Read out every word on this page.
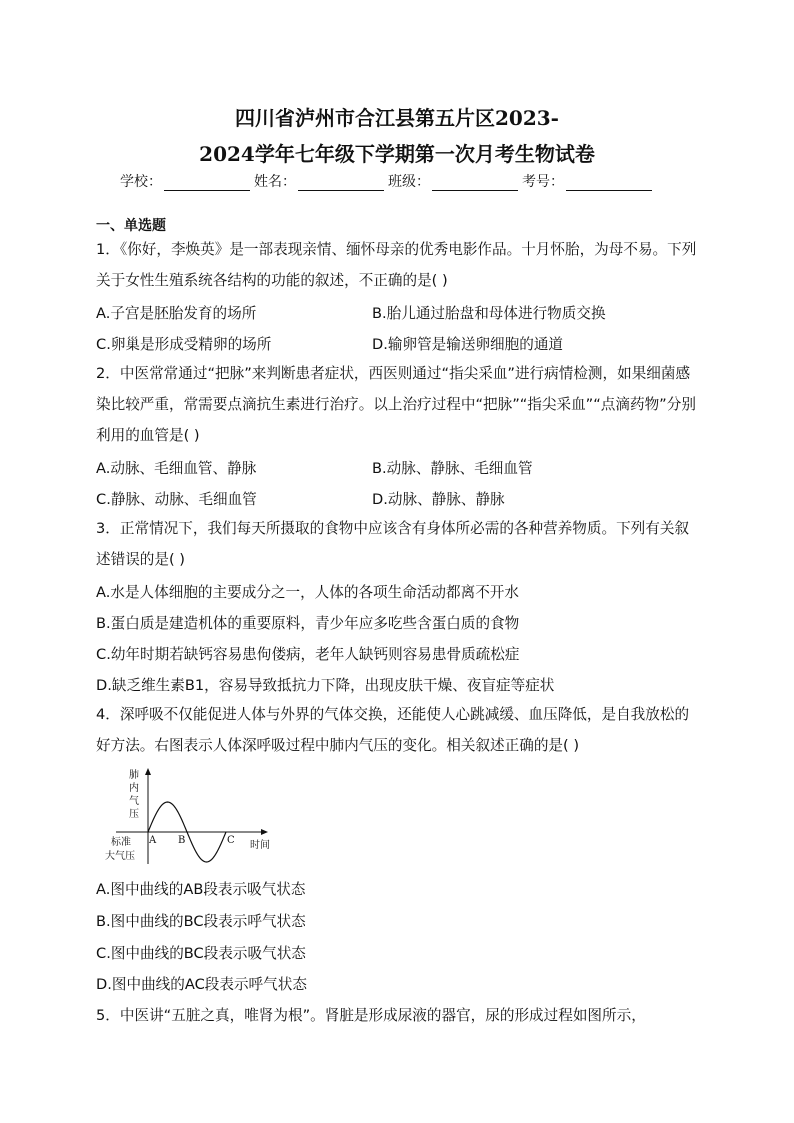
四川省泸州市合江县第五片区2023-
2024学年七年级下学期第一次月考生物试卷
学校：	姓名：	班级：	考号：
一、单选题

1．《你好，李焕英》是一部表现亲情、缅怀母亲的优秀电影作品。十月怀胎，为母不易。下列关于女性生殖系统各结构的功能的叙述，不正确的是( )

A.子宫是胚胎发育的场所	B.胎儿通过胎盘和母体进行物质交换
C.卵巢是形成受精卵的场所	D.输卵管是输送卵细胞的通道

2．中医常常通过“把脉”来判断患者症状，西医则通过“指尖采血”进行病情检测，如果细菌感染比较严重，常需要点滴抗生素进行治疗。以上治疗过程中“把脉”“指尖采血”“点滴药物”分别利用的血管是( )

A.动脉、毛细血管、静脉	B.动脉、静脉、毛细血管
C.静脉、动脉、毛细血管	D.动脉、静脉、静脉

3．正常情况下，我们每天所摄取的食物中应该含有身体所必需的各种营养物质。下列有关叙述错误的是( )

A.水是人体细胞的主要成分之一，人体的各项生命活动都离不开水
B.蛋白质是建造机体的重要原料，青少年应多吃些含蛋白质的食物
C.幼年时期若缺钙容易患佝偻病，老年人缺钙则容易患骨质疏松症
D.缺乏维生素B1，容易导致抵抗力下降，出现皮肤干燥、夜盲症等症状

4．深呼吸不仅能促进人体与外界的气体交换，还能使人心跳减缓、血压降低，是自我放松的好方法。右图表示人体深呼吸过程中肺内气压的变化。相关叙述正确的是( )

肺
内
气
压
标准
大气压
时间
A B	C
A.图中曲线的AB段表示吸气状态
B.图中曲线的BC段表示呼气状态
C.图中曲线的BC段表示吸气状态
D.图中曲线的AC段表示呼气状态
5．中医讲“五脏之真，唯肾为根”。肾脏是形成尿液的器官，尿的形成过程如图所示，
